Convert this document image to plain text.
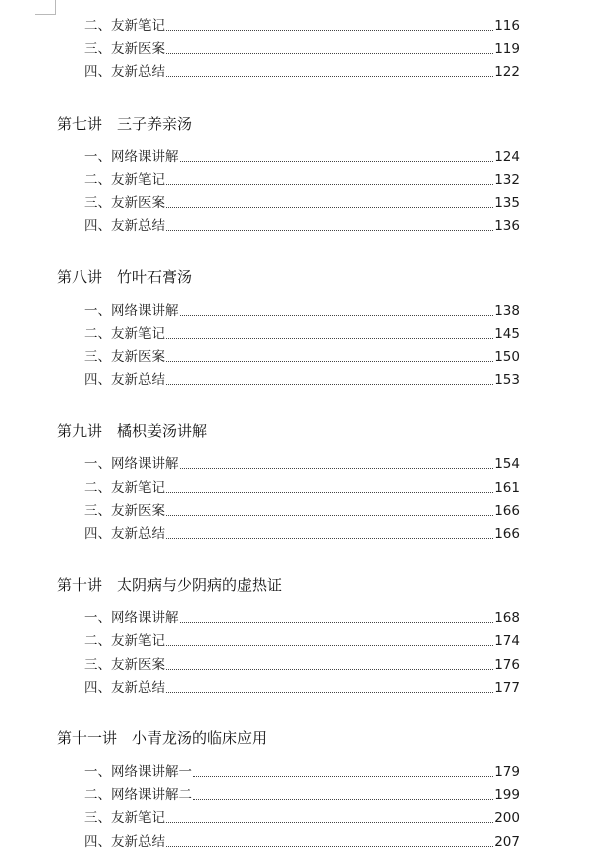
二、友新笔记	116
三、友新医案	119
四、友新总结	122
第七讲　三子养亲汤
一、网络课讲解	124
二、友新笔记	132
三、友新医案	135
四、友新总结	136
第八讲　竹叶石膏汤
一、网络课讲解	138
二、友新笔记	145
三、友新医案	150
四、友新总结	153
第九讲　橘枳姜汤讲解
一、网络课讲解	154
二、友新笔记	161
三、友新医案	166
四、友新总结	166
第十讲　太阴病与少阴病的虚热证
一、网络课讲解	168
二、友新笔记	174
三、友新医案	176
四、友新总结	177
第十一讲　小青龙汤的临床应用
一、网络课讲解一	179
二、网络课讲解二	199
三、友新笔记	200
四、友新总结	207
